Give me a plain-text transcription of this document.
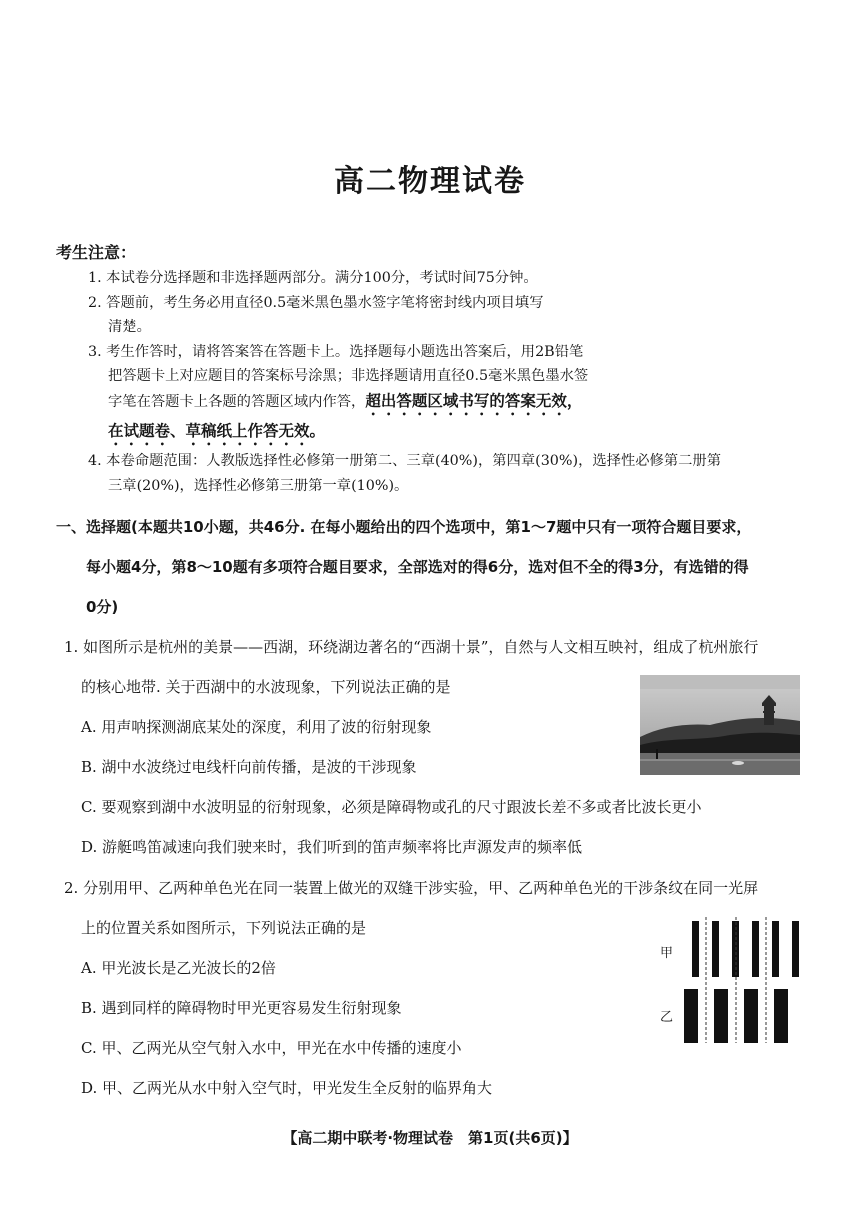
高二物理试卷
考生注意：

1. 本试卷分选择题和非选择题两部分。满分100分，考试时间75分钟。

2. 答题前，考生务必用直径0.5毫米黑色墨水签字笔将密封线内项目填写

清楚。

3. 考生作答时，请将答案答在答题卡上。选择题每小题选出答案后，用2B铅笔

把答题卡上对应题目的答案标号涂黑；非选择题请用直径0.5毫米黑色墨水签

字笔在答题卡上各题的答题区域内作答，超出答题区域书写的答案无效，

在试题卷、草稿纸上作答无效。

4. 本卷命题范围：人教版选择性必修第一册第二、三章(40%)，第四章(30%)，选择性必修第二册第

三章(20%)，选择性必修第三册第一章(10%)。

一、选择题(本题共10小题，共46分. 在每小题给出的四个选项中，第1～7题中只有一项符合题目要求，

每小题4分，第8～10题有多项符合题目要求，全部选对的得6分，选对但不全的得3分，有选错的得

0分)

1. 如图所示是杭州的美景——西湖，环绕湖边著名的“西湖十景”，自然与人文相互映衬，组成了杭州旅行

的核心地带. 关于西湖中的水波现象，下列说法正确的是

A. 用声呐探测湖底某处的深度，利用了波的衍射现象

B. 湖中水波绕过电线杆向前传播，是波的干涉现象

C. 要观察到湖中水波明显的衍射现象，必须是障碍物或孔的尺寸跟波长差不多或者比波长更小

D. 游艇鸣笛减速向我们驶来时，我们听到的笛声频率将比声源发声的频率低

2. 分别用甲、乙两种单色光在同一装置上做光的双缝干涉实验，甲、乙两种单色光的干涉条纹在同一光屏

上的位置关系如图所示，下列说法正确的是

A. 甲光波长是乙光波长的2倍

B. 遇到同样的障碍物时甲光更容易发生衍射现象

C. 甲、乙两光从空气射入水中，甲光在水中传播的速度小

D. 甲、乙两光从水中射入空气时，甲光发生全反射的临界角大

甲
乙
【高二期中联考·物理试卷　第1页(共6页)】
